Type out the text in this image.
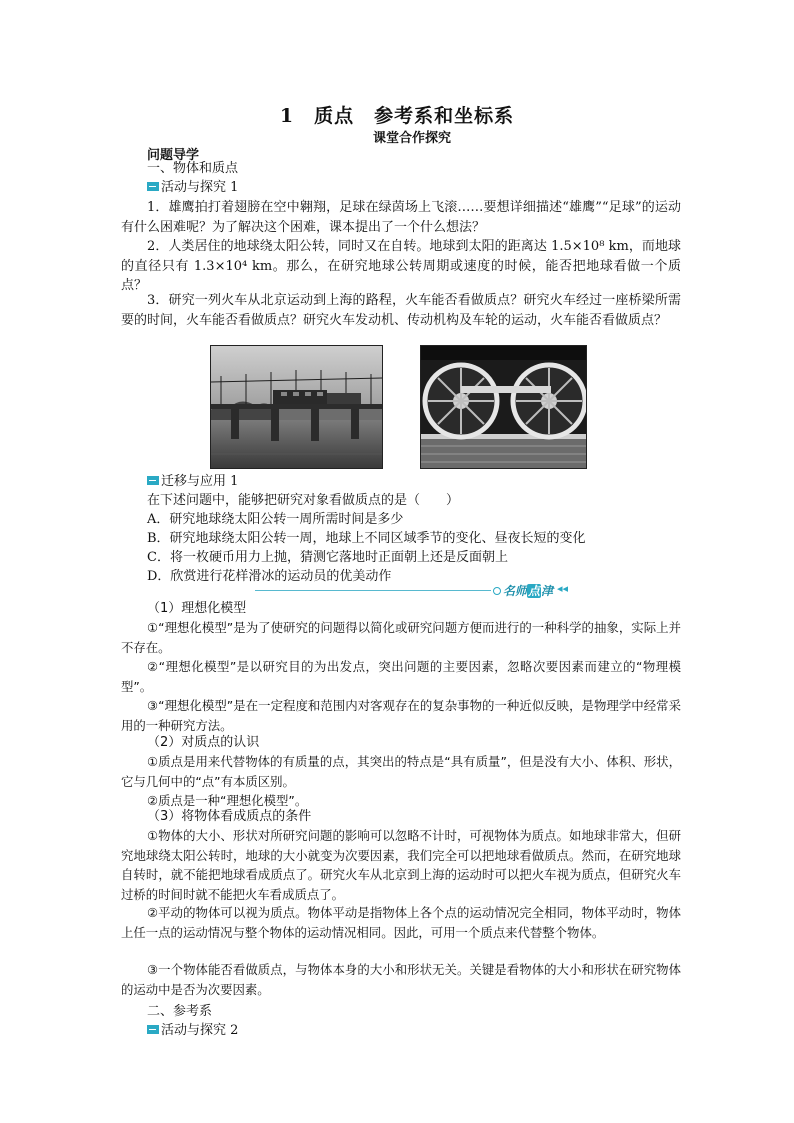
1　质点　参考系和坐标系
课堂合作探究
问题导学
一、物体和质点
活动与探究 1
1．雄鹰拍打着翅膀在空中翱翔，足球在绿茵场上飞滚……要想详细描述“雄鹰”“足球”的运动有什么困难呢？为了解决这个困难，课本提出了一个什么想法？
2．人类居住的地球绕太阳公转，同时又在自转。地球到太阳的距离达 1.5×10⁸ km，而地球的直径只有 1.3×10⁴ km。那么，在研究地球公转周期或速度的时候，能否把地球看做一个质点？
3．研究一列火车从北京运动到上海的路程，火车能否看做质点？研究火车经过一座桥梁所需要的时间，火车能否看做质点？研究火车发动机、传动机构及车轮的运动，火车能否看做质点？
迁移与应用 1
在下述问题中，能够把研究对象看做质点的是（　　）
A．研究地球绕太阳公转一周所需时间是多少
B．研究地球绕太阳公转一周，地球上不同区域季节的变化、昼夜长短的变化
C．将一枚硬币用力上抛，猜测它落地时正面朝上还是反面朝上
D．欣赏进行花样滑冰的运动员的优美动作
名师点津 ◂◂
（1）理想化模型
①“理想化模型”是为了使研究的问题得以简化或研究问题方便而进行的一种科学的抽象，实际上并不存在。
②“理想化模型”是以研究目的为出发点，突出问题的主要因素，忽略次要因素而建立的“物理模型”。
③“理想化模型”是在一定程度和范围内对客观存在的复杂事物的一种近似反映，是物理学中经常采用的一种研究方法。
（2）对质点的认识
①质点是用来代替物体的有质量的点，其突出的特点是“具有质量”，但是没有大小、体积、形状，它与几何中的“点”有本质区别。
②质点是一种“理想化模型”。
（3）将物体看成质点的条件
①物体的大小、形状对所研究问题的影响可以忽略不计时，可视物体为质点。如地球非常大，但研究地球绕太阳公转时，地球的大小就变为次要因素，我们完全可以把地球看做质点。然而，在研究地球自转时，就不能把地球看成质点了。研究火车从北京到上海的运动时可以把火车视为质点，但研究火车过桥的时间时就不能把火车看成质点了。
②平动的物体可以视为质点。物体平动是指物体上各个点的运动情况完全相同，物体平动时，物体上任一点的运动情况与整个物体的运动情况相同。因此，可用一个质点来代替整个物体。
③一个物体能否看做质点，与物体本身的大小和形状无关。关键是看物体的大小和形状在研究物体的运动中是否为次要因素。
二、参考系
活动与探究 2
